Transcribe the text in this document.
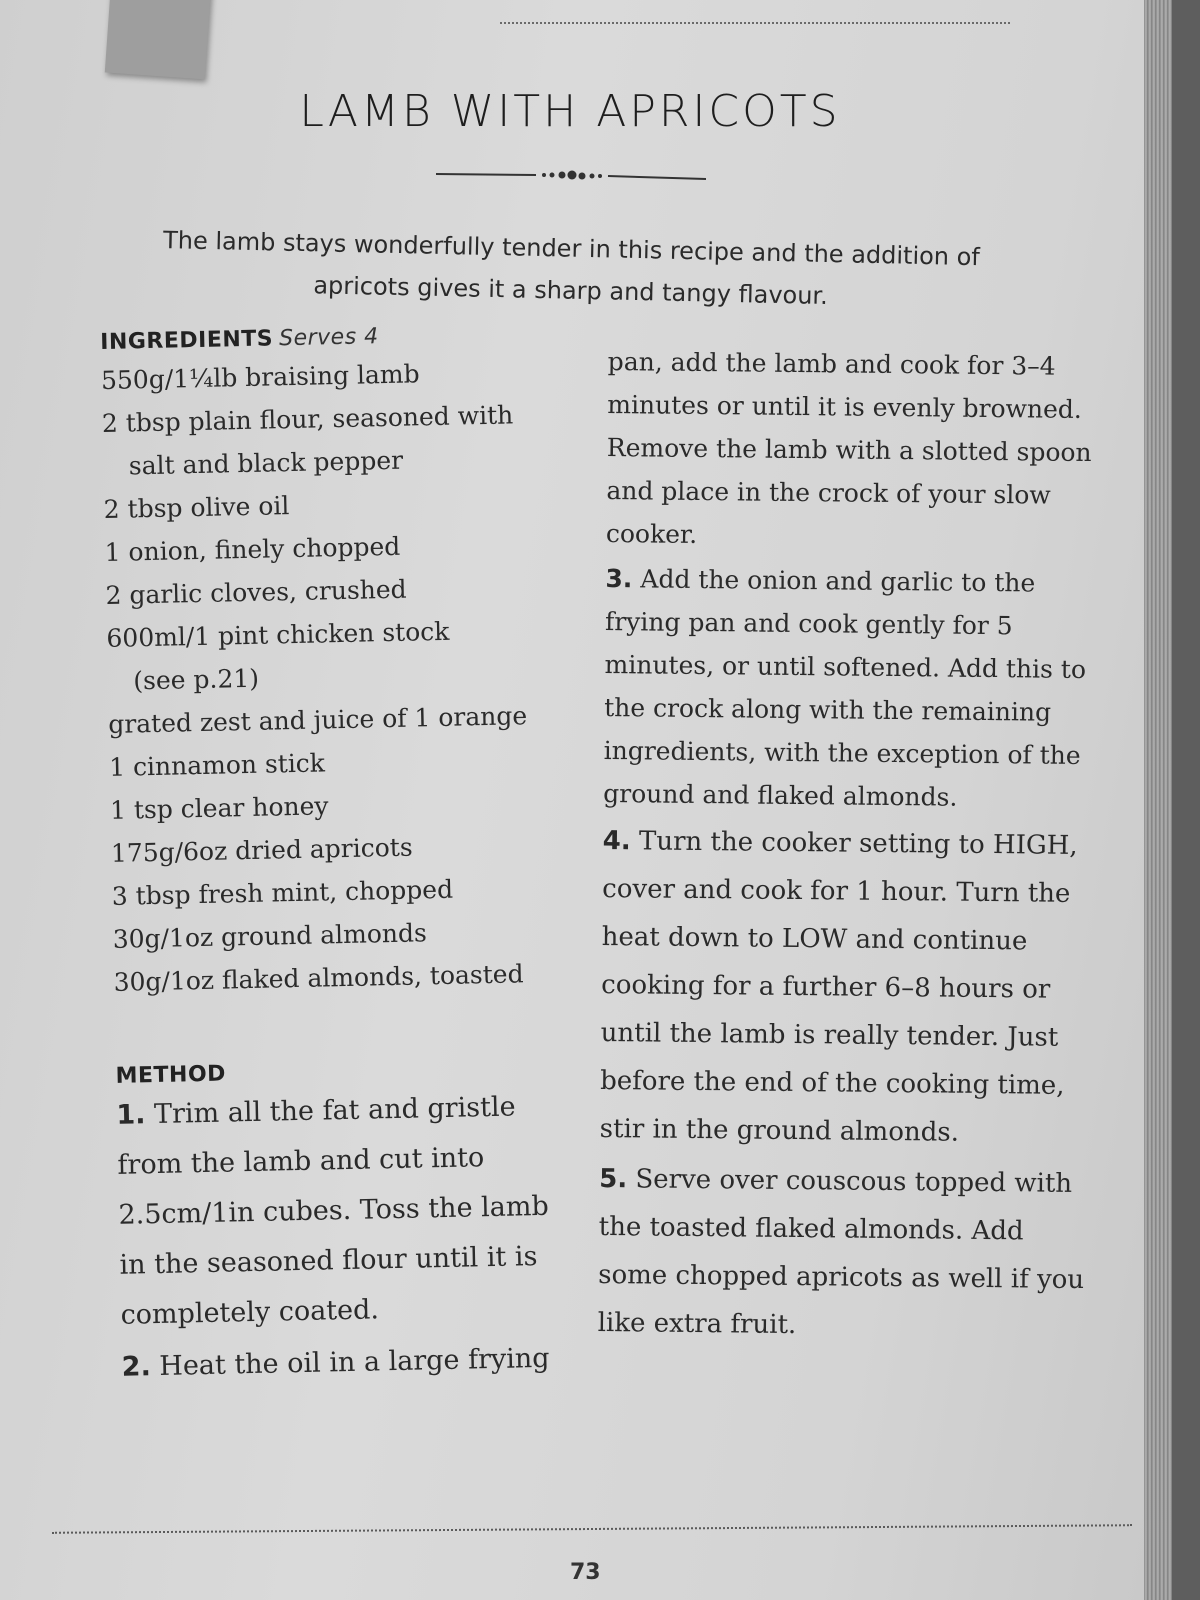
LAMB WITH APRICOTS
The lamb stays wonderfully tender in this recipe and the addition of apricots gives it a sharp and tangy flavour.
INGREDIENTS Serves 4
550g/1¼lb braising lamb
2 tbsp plain flour, seasoned with
salt and black pepper
2 tbsp olive oil
1 onion, finely chopped
2 garlic cloves, crushed
600ml/1 pint chicken stock
(see p.21)
grated zest and juice of 1 orange
1 cinnamon stick
1 tsp clear honey
175g/6oz dried apricots
3 tbsp fresh mint, chopped
30g/1oz ground almonds
30g/1oz flaked almonds, toasted
METHOD

1. Trim all the fat and gristle from the lamb and cut into 2.5cm/1in cubes. Toss the lamb in the seasoned flour until it is completely coated.

2. Heat the oil in a large frying

pan, add the lamb and cook for 3–4 minutes or until it is evenly browned. Remove the lamb with a slotted spoon and place in the crock of your slow cooker.

3. Add the onion and garlic to the frying pan and cook gently for 5 minutes, or until softened. Add this to the crock along with the remaining ingredients, with the exception of the ground and flaked almonds.

4. Turn the cooker setting to HIGH, cover and cook for 1 hour. Turn the heat down to LOW and continue cooking for a further 6–8 hours or until the lamb is really tender. Just before the end of the cooking time, stir in the ground almonds.

5. Serve over couscous topped with the toasted flaked almonds. Add some chopped apricots as well if you like extra fruit.

73
